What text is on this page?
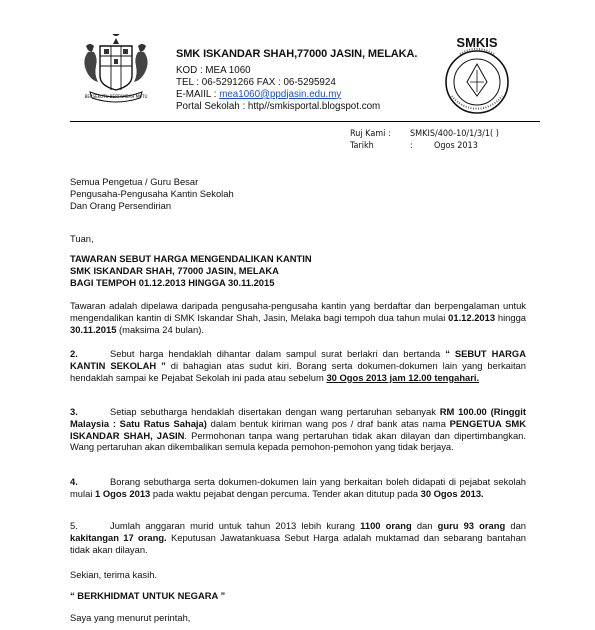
BERSEKUTU BERTAMBAH MUTU
SMK ISKANDAR SHAH,77000 JASIN, MELAKA.
KOD : MEA 1060
TEL : 06-5291266 FAX : 06-5295924
E-MAIIL : mea1060@ppdjasin.edu.my
Portal Sekolah : http//smkisportal.blogspot.com
SMKIS
Ruj Kami :	SMKIS/400-10/1/3/1( )
Tarikh	:	Ogos 2013
Semua Pengetua / Guru Besar
Pengusaha-Pengusaha Kantin Sekolah
Dan Orang Persendirian
Tuan,
TAWARAN SEBUT HARGA MENGENDALIKAN KANTIN
SMK ISKANDAR SHAH, 77000 JASIN, MELAKA
BAGI TEMPOH 01.12.2013 HINGGA 30.11.2015
Tawaran adalah dipelawa daripada pengusaha-pengusaha kantin yang berdaftar dan berpengalaman untuk mengendalikan kantin di SMK Iskandar Shah, Jasin, Melaka bagi tempoh dua tahun mulai 01.12.2013 hingga 30.11.2015 (maksima 24 bulan).
2.	Sebut harga hendaklah dihantar dalam sampul surat berlakri dan bertanda “ SEBUT HARGA KANTIN SEKOLAH ” di bahagian atas sudut kiri. Borang serta dokumen-dokumen lain yang berkaitan hendaklah sampai ke Pejabat Sekolah ini pada atau sebelum 30 Ogos 2013 jam 12.00 tengahari.
3.	Setiap sebutharga hendaklah disertakan dengan wang pertaruhan sebanyak RM 100.00 (Ringgit Malaysia : Satu Ratus Sahaja) dalam bentuk kiriman wang pos / draf bank atas nama PENGETUA SMK ISKANDAR SHAH, JASIN. Permohonan tanpa wang pertaruhan tidak akan dilayan dan dipertimbangkan. Wang pertaruhan akan dikembalikan semula kepada pemohon-pemohon yang tidak berjaya.
4.	Borang sebutharga serta dokumen-dokumen lain yang berkaitan boleh didapati di pejabat sekolah mulai 1 Ogos 2013 pada waktu pejabat dengan percuma. Tender akan ditutup pada 30 Ogos 2013.
5.	Jumlah anggaran murid untuk tahun 2013 lebih kurang 1100 orang dan guru 93 orang dan kakitangan 17 orang. Keputusan Jawatankuasa Sebut Harga adalah muktamad dan sebarang bantahan tidak akan dilayan.
Sekian, terima kasih.
“ BERKHIDMAT UNTUK NEGARA ”
Saya yang menurut perintah,
